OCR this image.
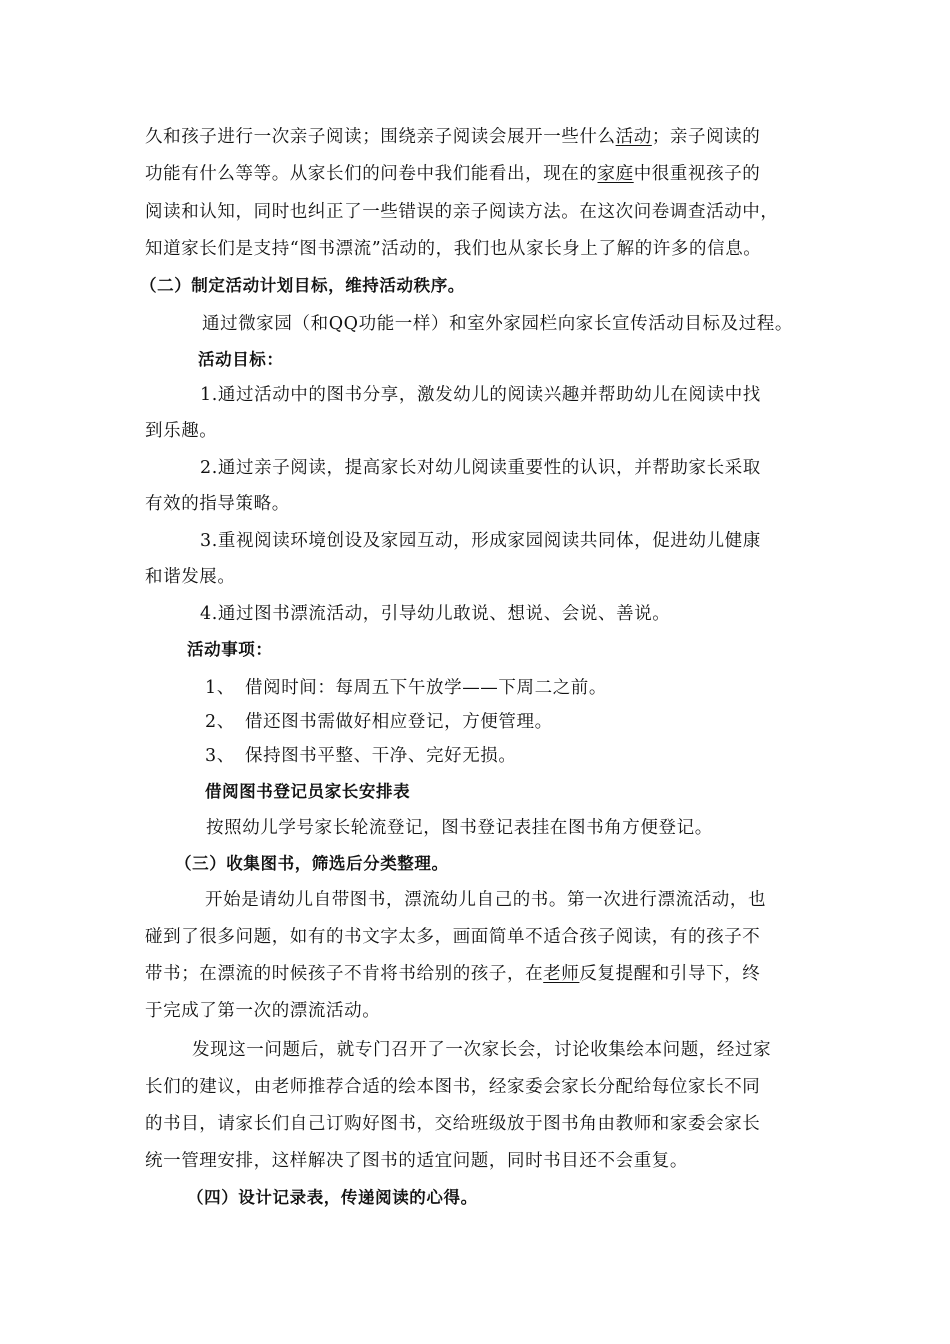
久和孩子进行一次亲子阅读；围绕亲子阅读会展开一些什么活动；亲子阅读的
功能有什么等等。从家长们的问卷中我们能看出，现在的家庭中很重视孩子的
阅读和认知，同时也纠正了一些错误的亲子阅读方法。在这次问卷调查活动中，
知道家长们是支持“图书漂流”活动的，我们也从家长身上了解的许多的信息。
（二）制定活动计划目标，维持活动秩序。
通过微家园（和QQ功能一样）和室外家园栏向家长宣传活动目标及过程。
活动目标：
1.通过活动中的图书分享，激发幼儿的阅读兴趣并帮助幼儿在阅读中找
到乐趣。
2.通过亲子阅读，提高家长对幼儿阅读重要性的认识，并帮助家长采取
有效的指导策略。
3.重视阅读环境创设及家园互动，形成家园阅读共同体，促进幼儿健康
和谐发展。
4.通过图书漂流活动，引导幼儿敢说、想说、会说、善说。
活动事项：
1、 借阅时间：每周五下午放学——下周二之前。
2、 借还图书需做好相应登记，方便管理。
3、 保持图书平整、干净、完好无损。
借阅图书登记员家长安排表
按照幼儿学号家长轮流登记，图书登记表挂在图书角方便登记。
（三）收集图书，筛选后分类整理。
开始是请幼儿自带图书，漂流幼儿自己的书。第一次进行漂流活动，也
碰到了很多问题，如有的书文字太多，画面简单不适合孩子阅读，有的孩子不
带书；在漂流的时候孩子不肯将书给别的孩子，在老师反复提醒和引导下，终
于完成了第一次的漂流活动。
发现这一问题后，就专门召开了一次家长会，讨论收集绘本问题，经过家
长们的建议，由老师推荐合适的绘本图书，经家委会家长分配给每位家长不同
的书目，请家长们自己订购好图书，交给班级放于图书角由教师和家委会家长
统一管理安排，这样解决了图书的适宜问题，同时书目还不会重复。
（四）设计记录表，传递阅读的心得。
